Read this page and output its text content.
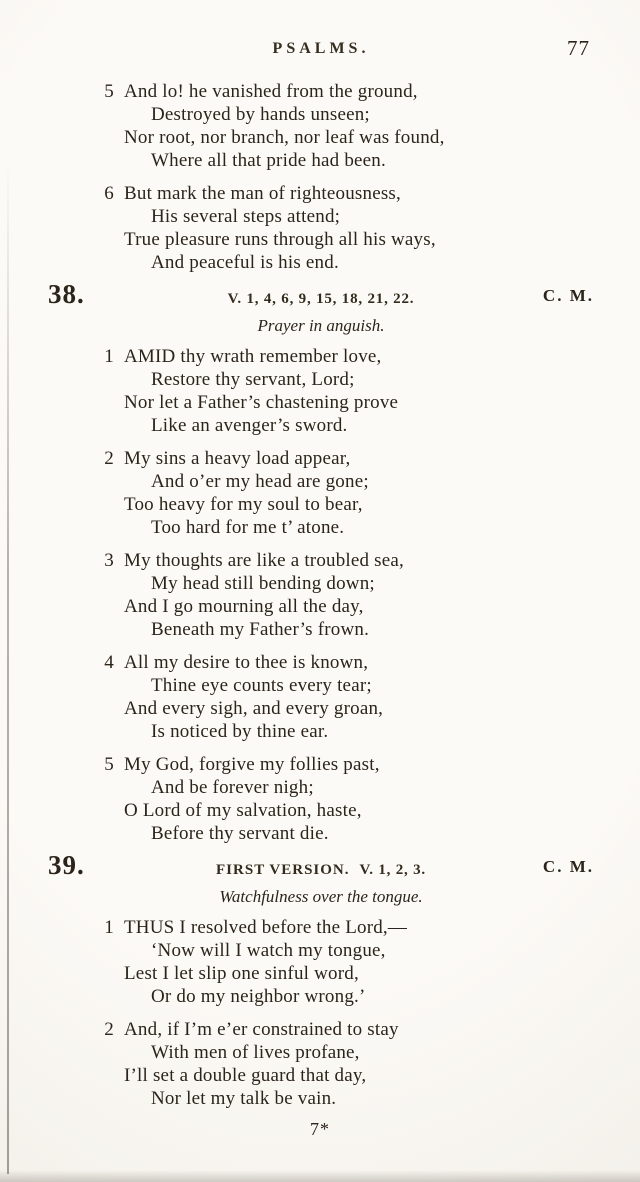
PSALMS.	77
5 And lo! he vanished from the ground,
Destroyed by hands unseen;
Nor root, nor branch, nor leaf was found,
Where all that pride had been.
6 But mark the man of righteousness,
His several steps attend;
True pleasure runs through all his ways,
And peaceful is his end.
38.	V. 1, 4, 6, 9, 15, 18, 21, 22.	C. M.
Prayer in anguish.
1 AMID thy wrath remember love,
Restore thy servant, Lord;
Nor let a Father’s chastening prove
Like an avenger’s sword.
2 My sins a heavy load appear,
And o’er my head are gone;
Too heavy for my soul to bear,
Too hard for me t’ atone.
3 My thoughts are like a troubled sea,
My head still bending down;
And I go mourning all the day,
Beneath my Father’s frown.
4 All my desire to thee is known,
Thine eye counts every tear;
And every sigh, and every groan,
Is noticed by thine ear.
5 My God, forgive my follies past,
And be forever nigh;
O Lord of my salvation, haste,
Before thy servant die.
39.	FIRST VERSION. V. 1, 2, 3.	C. M.
Watchfulness over the tongue.
1 THUS I resolved before the Lord,—
‘Now will I watch my tongue,
Lest I let slip one sinful word,
Or do my neighbor wrong.’
2 And, if I’m e’er constrained to stay
With men of lives profane,
I’ll set a double guard that day,
Nor let my talk be vain.
7*
